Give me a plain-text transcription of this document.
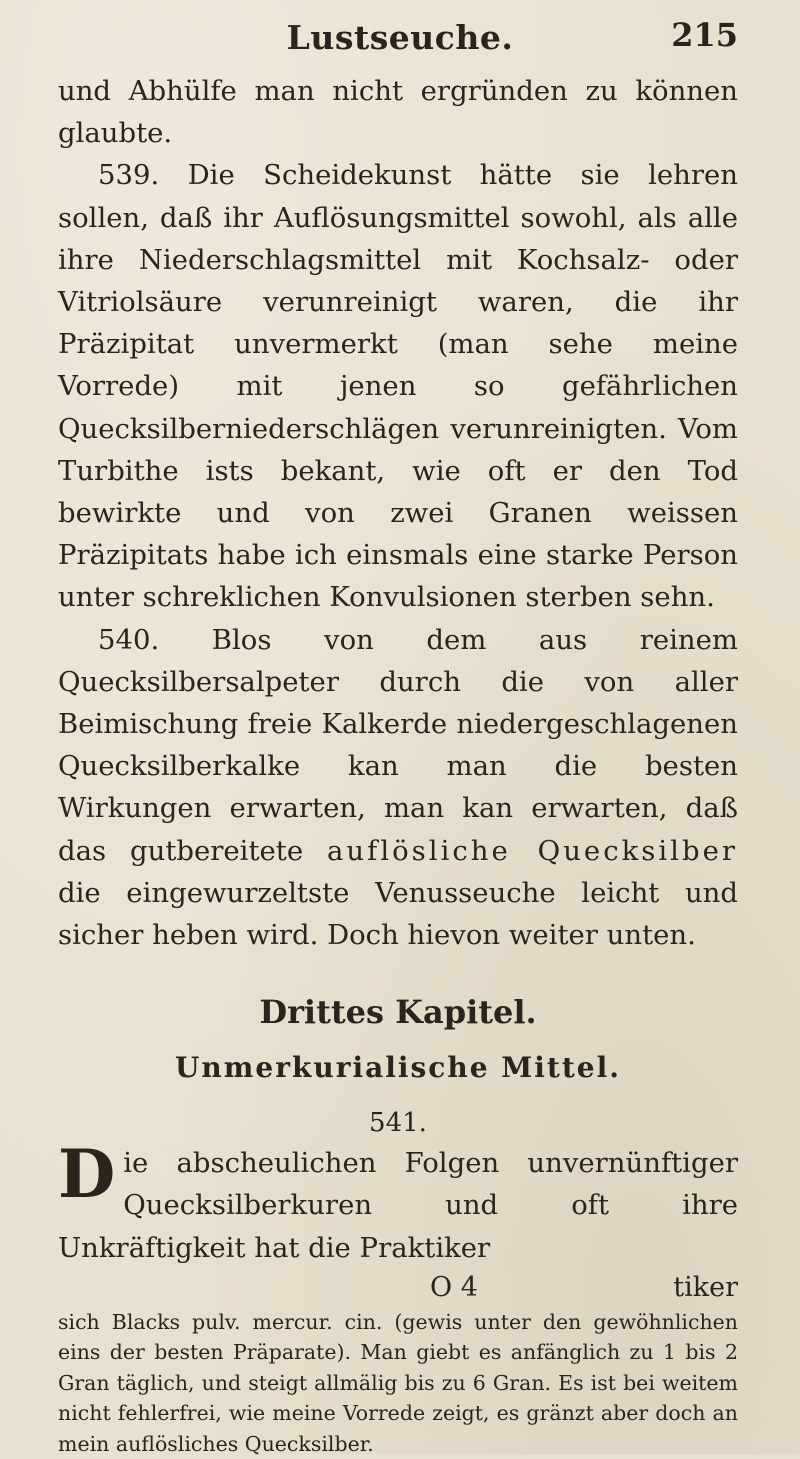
Lustseuche.	215

und Abhülfe man nicht ergründen zu können glaubte.

539. Die Scheidekunst hätte sie lehren sollen, daß ihr Auflösungsmittel sowohl, als alle ihre Niederschlagsmittel mit Kochsalz- oder Vitriolsäure verunreinigt waren, die ihr Präzipitat unvermerkt (man sehe meine Vorrede) mit jenen so gefährlichen Quecksilberniederschlägen verunreinigten. Vom Turbithe ists bekant, wie oft er den Tod bewirkte und von zwei Granen weissen Präzipitats habe ich einsmals eine starke Person unter schreklichen Konvulsionen sterben sehn.

540. Blos von dem aus reinem Quecksilbersalpeter durch die von aller Beimischung freie Kalkerde niedergeschlagenen Quecksilberkalke kan man die besten Wirkungen erwarten, man kan erwarten, daß das gutbereitete auflösliche Quecksilber die eingewurzeltste Venusseuche leicht und sicher heben wird. Doch hievon weiter unten.

Drittes Kapitel.
Unmerkurialische Mittel.
541.

Die abscheulichen Folgen unvernünftiger Quecksilberkuren und oft ihre Unkräftigkeit hat die Praktiker

O 4	tiker

sich Blacks pulv. mercur. cin. (gewis unter den gewöhnlichen eins der besten Präparate). Man giebt es anfänglich zu 1 bis 2 Gran täglich, und steigt allmälig bis zu 6 Gran. Es ist bei weitem nicht fehlerfrei, wie meine Vorrede zeigt, es gränzt aber doch an mein auflösliches Quecksilber.
